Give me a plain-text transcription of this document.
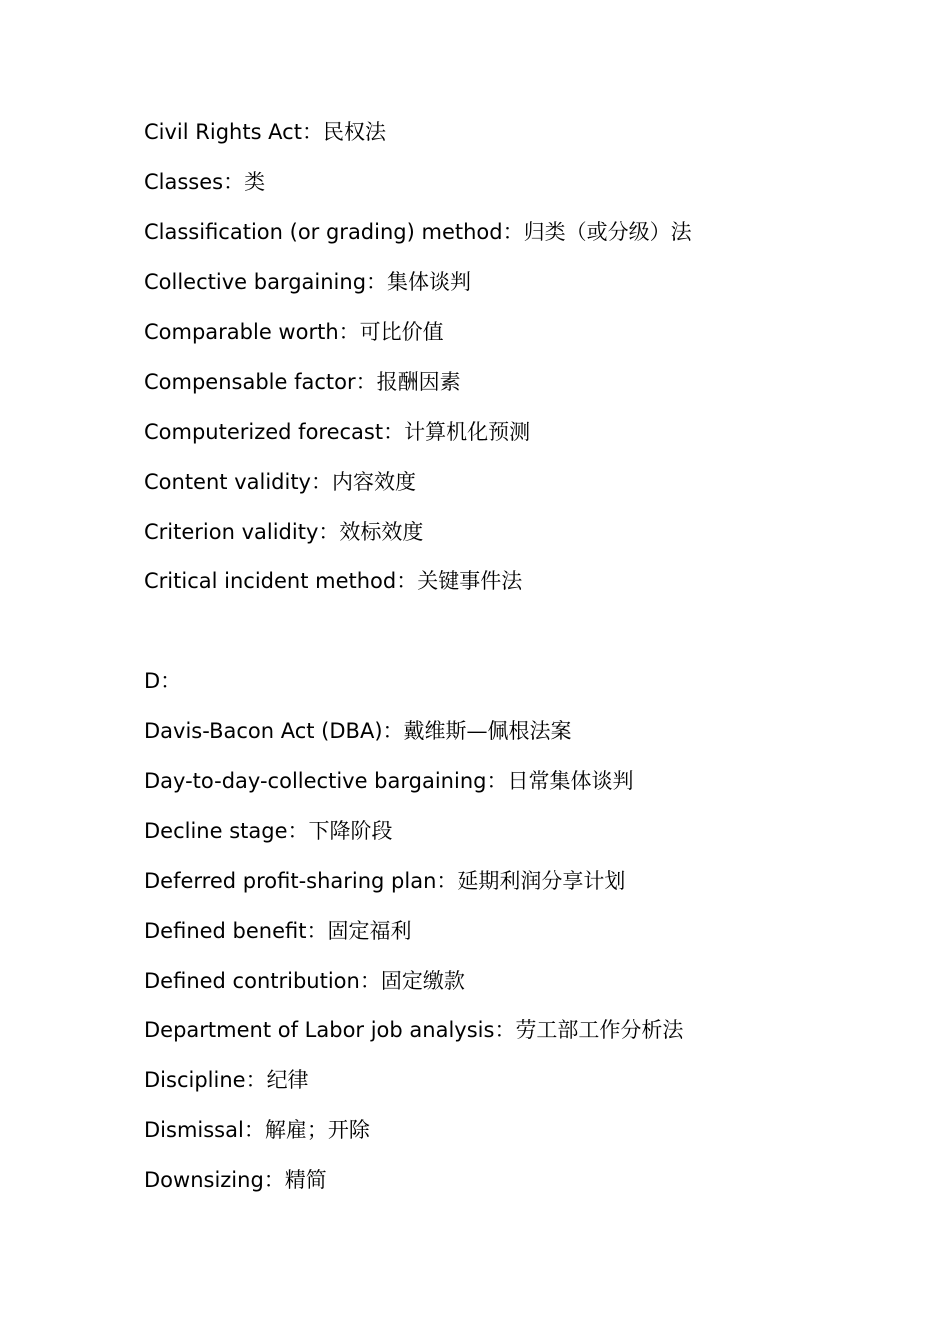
Civil Rights Act ： 民权法
Classes ： 类
Classification (or grading) method ： 归类（或分级）法
Collective bargaining ： 集体谈判
Comparable worth ： 可比价值
Compensable factor ： 报酬因素
Computerized forecast ： 计算机化预测
Content validity ： 内容效度
Criterion validity ： 效标效度
Critical incident method ： 关键事件法
D：
Davis-Bacon Act (DBA) ： 戴维斯—佩根法案
Day-to-day-collective bargaining ： 日常集体谈判
Decline stage ： 下降阶段
Deferred profit-sharing plan ： 延期利润分享计划
Defined benefit ： 固定福利
Defined contribution ： 固定缴款
Department of Labor job analysis ： 劳工部工作分析法
Discipline ： 纪律
Dismissal ： 解雇；开除
Downsizing ： 精简
